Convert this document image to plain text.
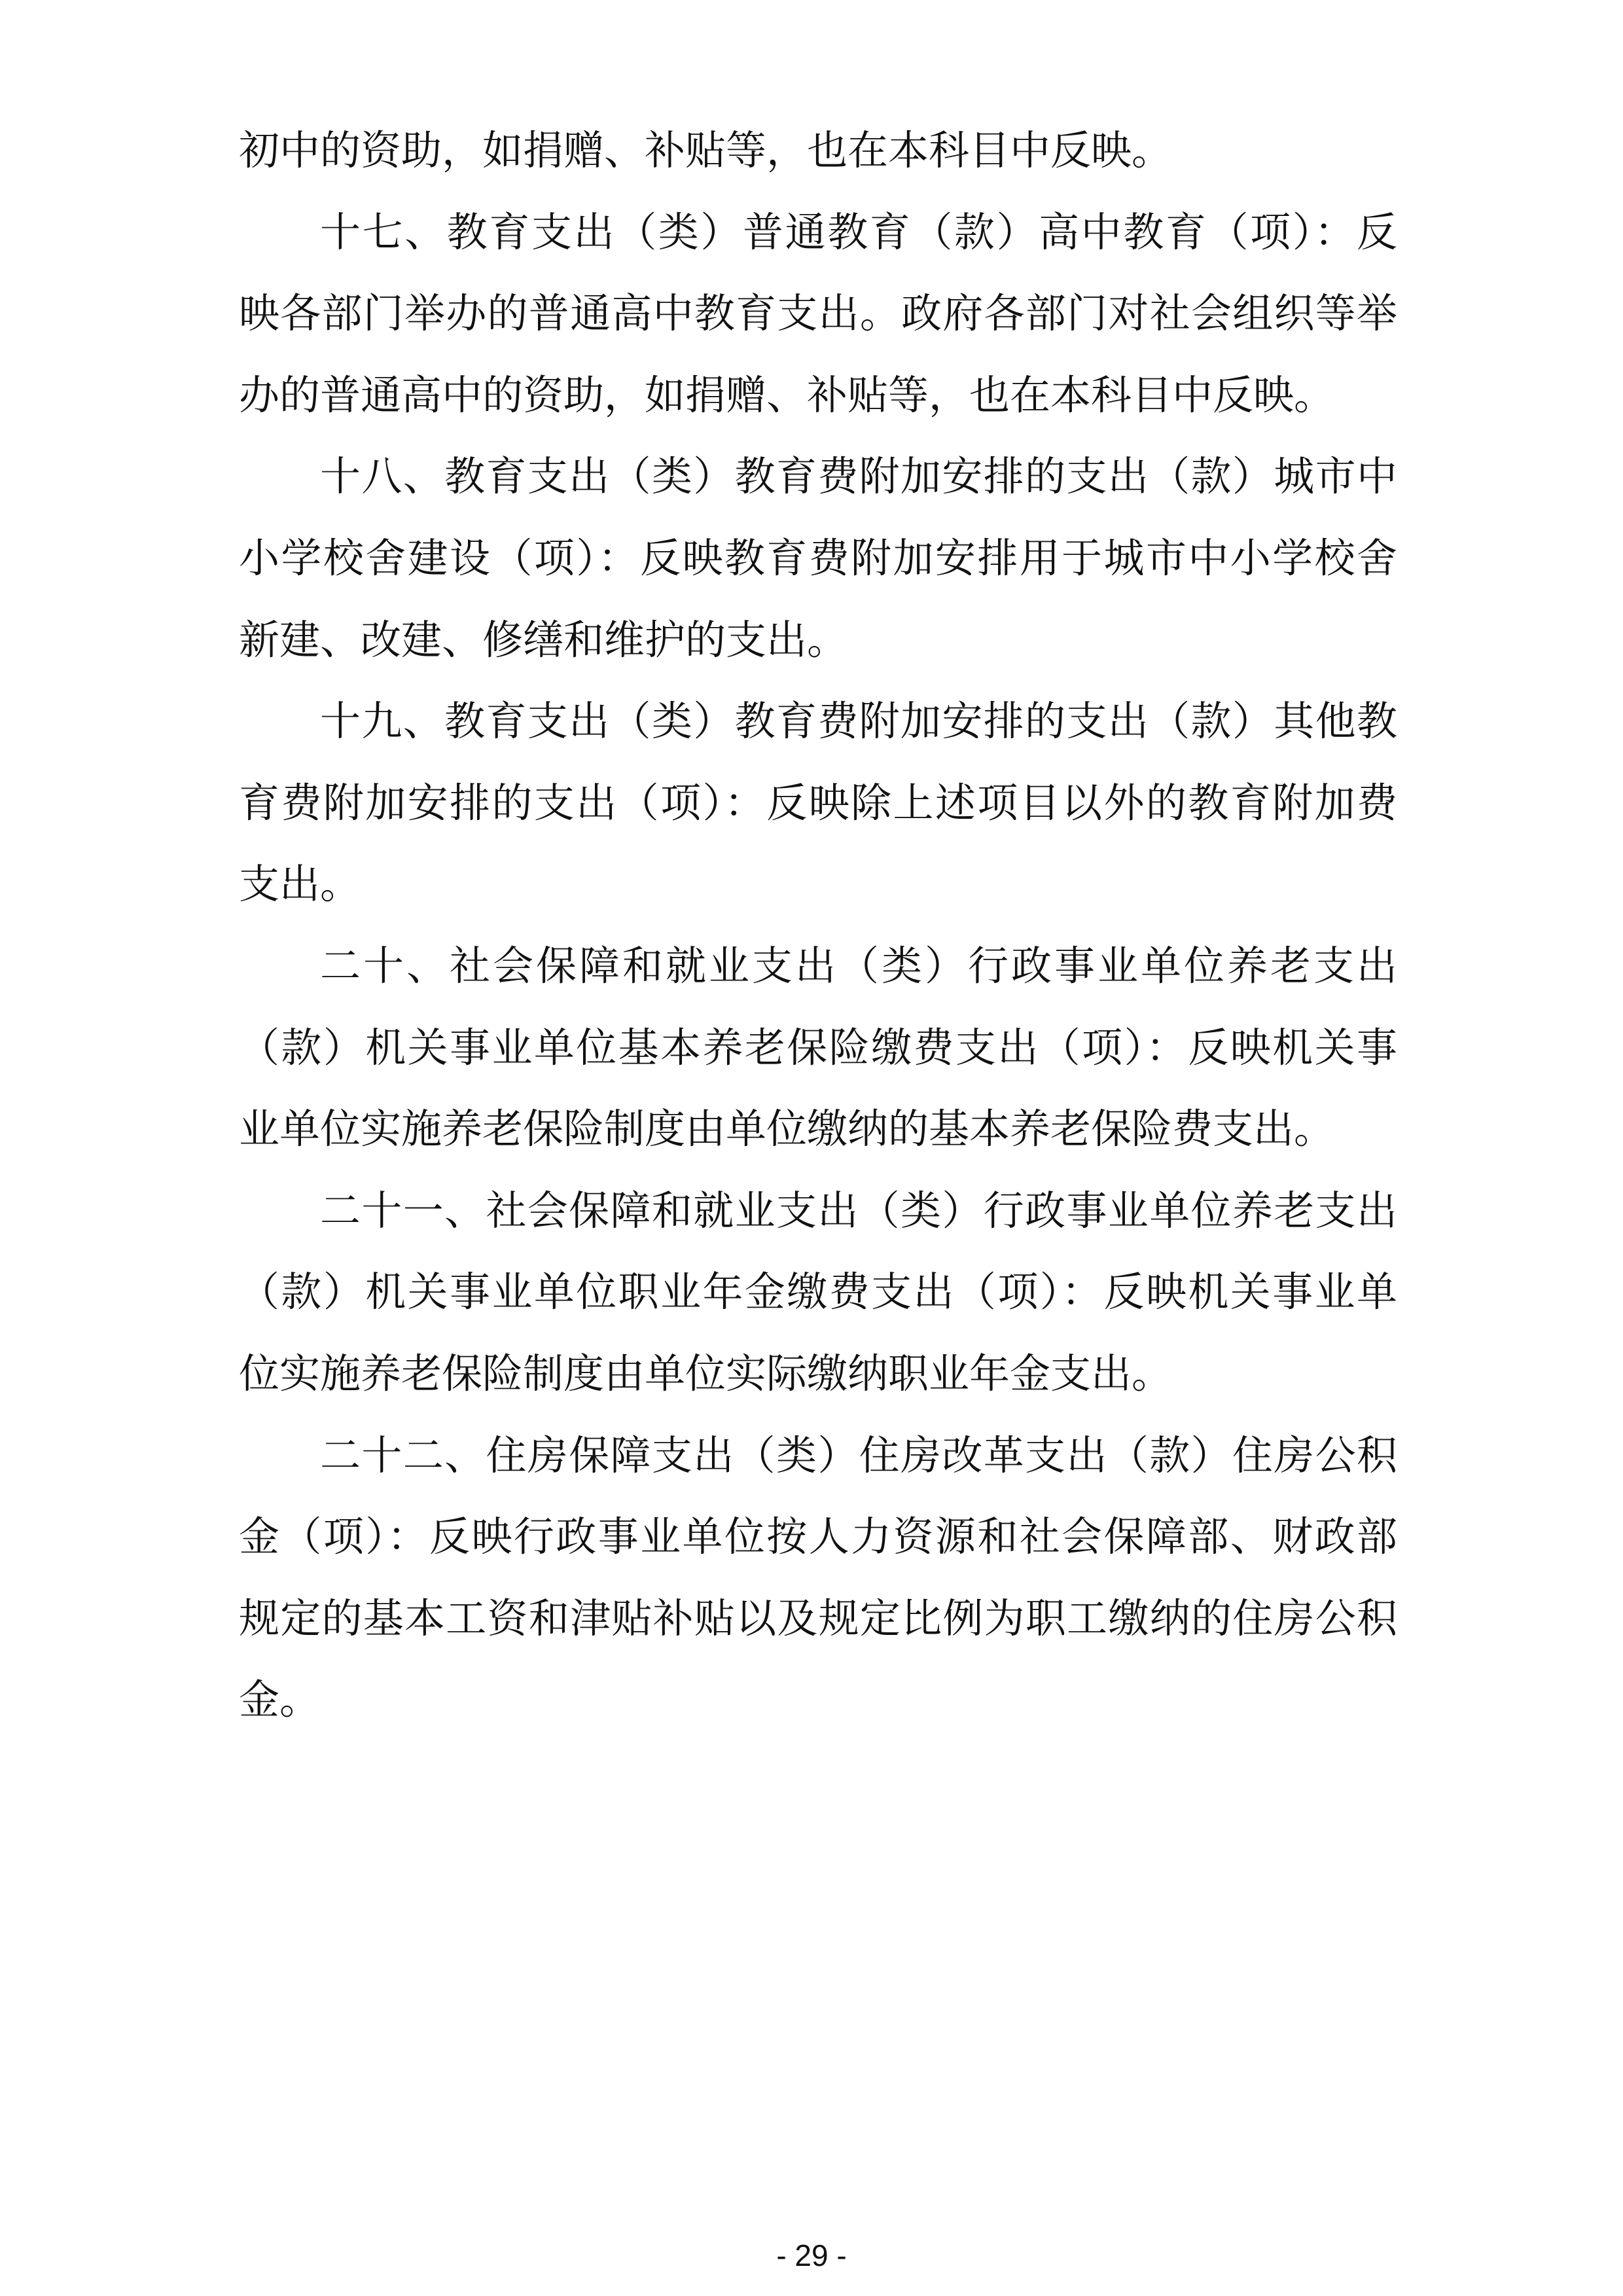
初中的资助，如捐赠、补贴等，也在本科目中反映。
十七、教育支出（类）普通教育（款）高中教育（项）：反
映各部门举办的普通高中教育支出。政府各部门对社会组织等举
办的普通高中的资助，如捐赠、补贴等，也在本科目中反映。
十八、教育支出（类）教育费附加安排的支出（款）城市中
小学校舍建设（项）：反映教育费附加安排用于城市中小学校舍
新建、改建、修缮和维护的支出。
十九、教育支出（类）教育费附加安排的支出（款）其他教
育费附加安排的支出（项）：反映除上述项目以外的教育附加费
支出。
二十、社会保障和就业支出（类）行政事业单位养老支出
（款）机关事业单位基本养老保险缴费支出（项）：反映机关事
业单位实施养老保险制度由单位缴纳的基本养老保险费支出。
二十一、社会保障和就业支出（类）行政事业单位养老支出
（款）机关事业单位职业年金缴费支出（项）：反映机关事业单
位实施养老保险制度由单位实际缴纳职业年金支出。
二十二、住房保障支出（类）住房改革支出（款）住房公积
金（项）：反映行政事业单位按人力资源和社会保障部、财政部
规定的基本工资和津贴补贴以及规定比例为职工缴纳的住房公积
金。
- 29 -
